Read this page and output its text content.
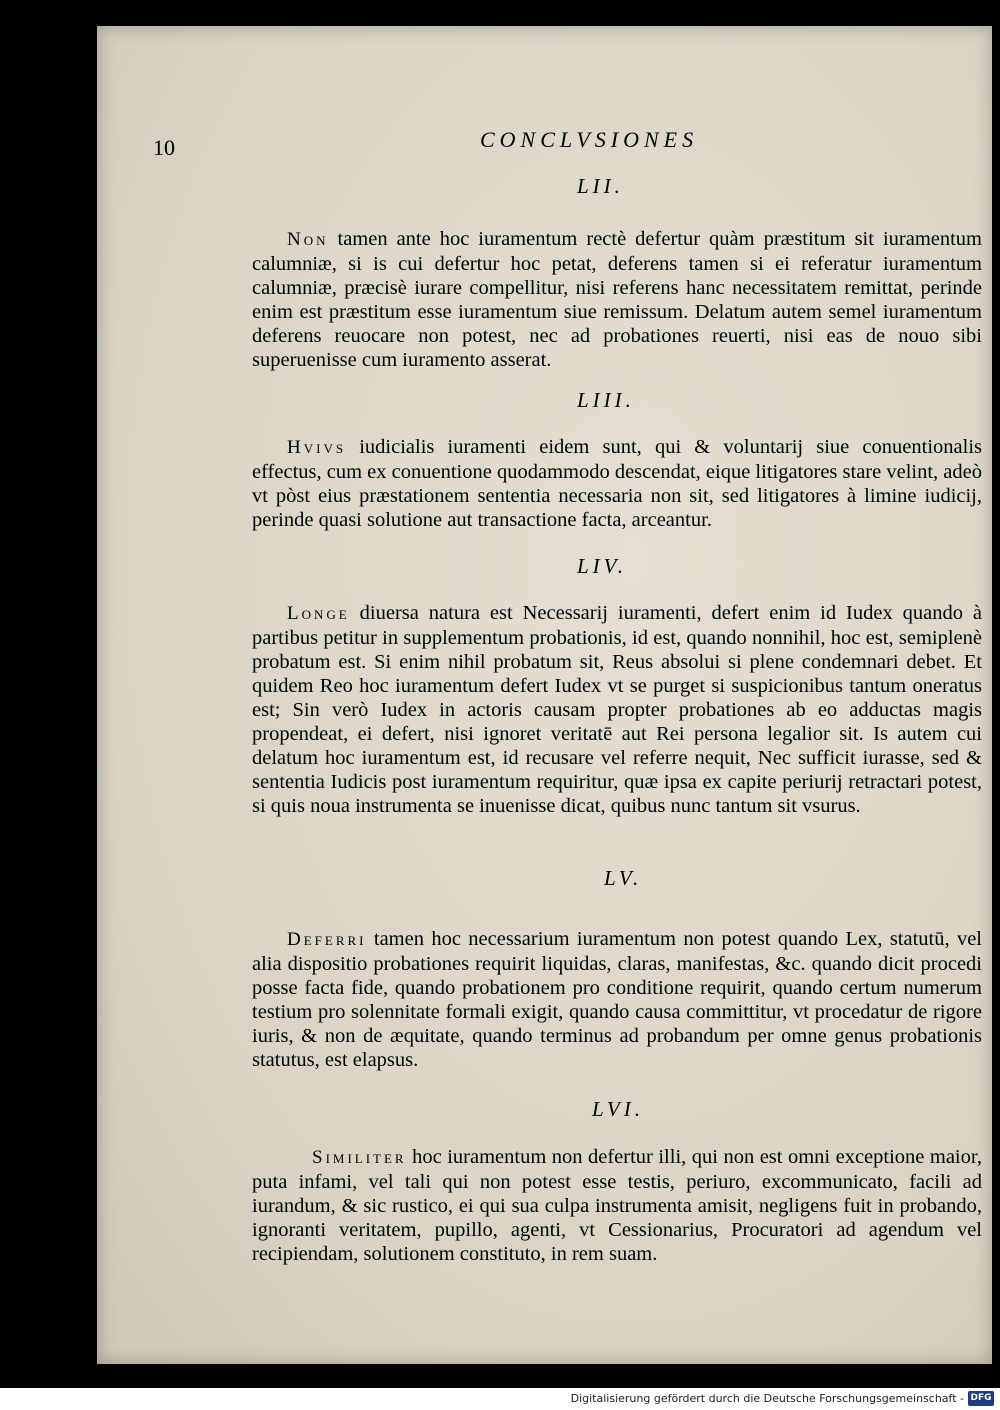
10	CONCLVSIONES
LII.
Non tamen ante hoc iuramentum rectè defertur quàm præstitum sit iuramentum calumniæ, si is cui defertur hoc petat, deferens tamen si ei referatur iuramentum calumniæ, præcisè iurare compellitur, nisi referens hanc necessitatem remittat, perinde enim est præstitum esse iuramentum siue remissum. Delatum autem semel iuramentum deferens reuocare non potest, nec ad probationes reuerti, nisi eas de nouo sibi superuenisse cum iuramento asserat.
LIII.
Hvivs iudicialis iuramenti eidem sunt, qui & voluntarij siue conuentionalis effectus, cum ex conuentione quodammodo descendat, eique litigatores stare velint, adeò vt pòst eius præstationem sententia necessaria non sit, sed litigatores à limine iudicij, perinde quasi solutione aut transactione facta, arceantur.
LIV.
Longe diuersa natura est Necessarij iuramenti, defert enim id Iudex quando à partibus petitur in supplementum probationis, id est, quando nonnihil, hoc est, semiplenè probatum est. Si enim nihil probatum sit, Reus absolui si plene condemnari debet. Et quidem Reo hoc iuramentum defert Iudex vt se purget si suspicionibus tantum oneratus est; Sin verò Iudex in actoris causam propter probationes ab eo adductas magis propendeat, ei defert, nisi ignoret veritatē aut Rei persona legalior sit. Is autem cui delatum hoc iuramentum est, id recusare vel referre nequit, Nec sufficit iurasse, sed & sententia Iudicis post iuramentum requiritur, quæ ipsa ex capite periurij retractari potest, si quis noua instrumenta se inuenisse dicat, quibus nunc tantum sit vsurus.
LV.
Deferri tamen hoc necessarium iuramentum non potest quando Lex, statutū, vel alia dispositio probationes requirit liquidas, claras, manifestas, &c. quando dicit procedi posse facta fide, quando probationem pro conditione requirit, quando certum numerum testium pro solennitate formali exigit, quando causa committitur, vt procedatur de rigore iuris, & non de æquitate, quando terminus ad probandum per omne genus probationis statutus, est elapsus.
LVI.
Similiter hoc iuramentum non defertur illi, qui non est omni exceptione maior, puta infami, vel tali qui non potest esse testis, periuro, excommunicato, facili ad iurandum, & sic rustico, ei qui sua culpa instrumenta amisit, negligens fuit in probando, ignoranti veritatem, pupillo, agenti, vt Cessionarius, Procuratori ad agendum vel recipiendam, solutionem constituto, in rem suam.
Digitalisierung gefördert durch die Deutsche Forschungsgemeinschaft - DFG
